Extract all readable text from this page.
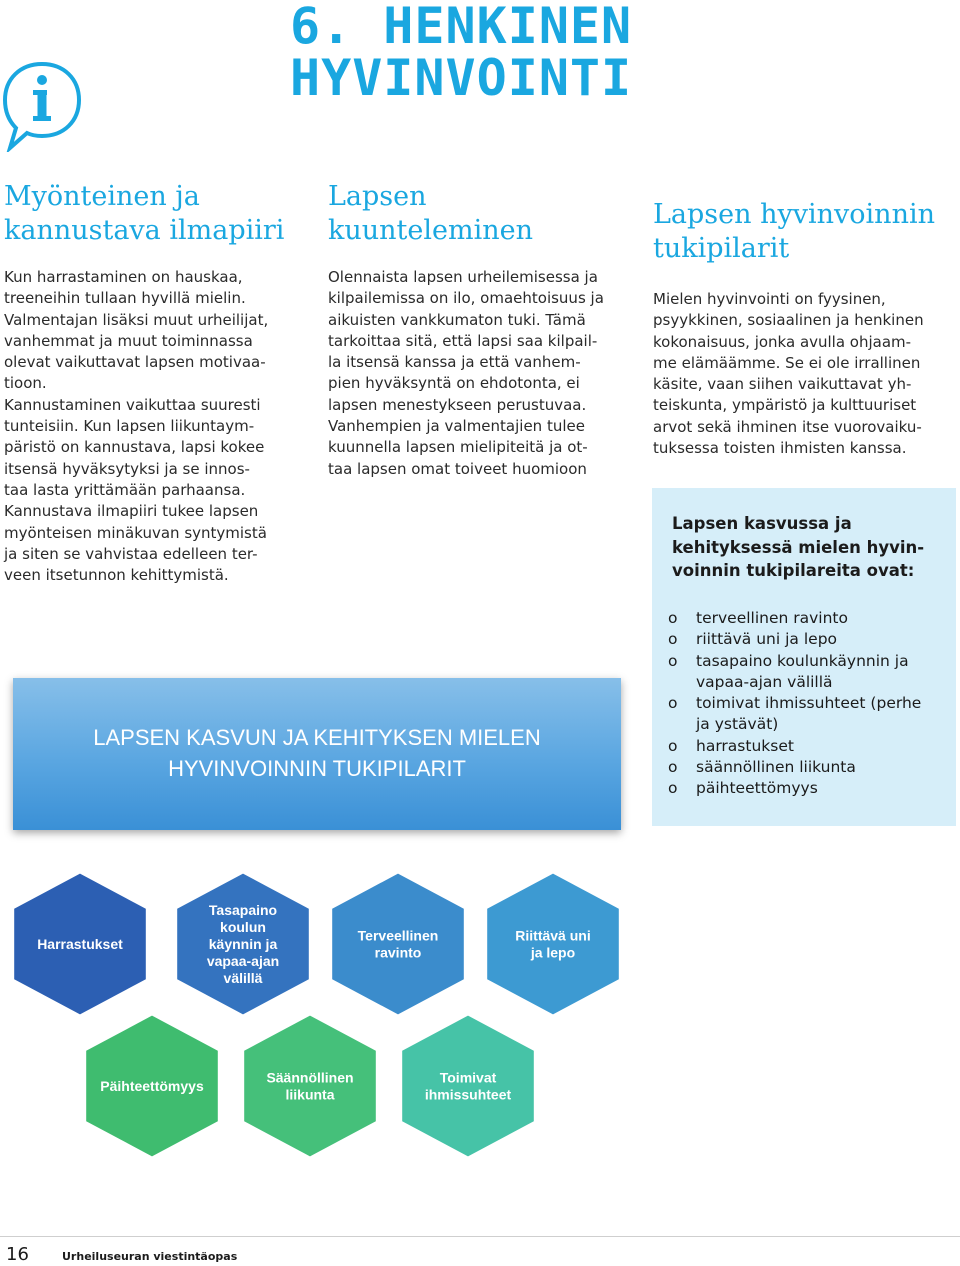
6. HENKINEN HYVINVOINTI
Myönteinen ja
kannustava ilmapiiri

Kun harrastaminen on hauskaa,
treeneihin tullaan hyvillä mielin.
Valmentajan lisäksi muut urheilijat,
vanhemmat ja muut toiminnassa
olevat vaikuttavat lapsen motivaa-
tioon.
Kannustaminen vaikuttaa suuresti
tunteisiin. Kun lapsen liikuntaym-
päristö on kannustava, lapsi kokee
itsensä hyväksytyksi ja se innos-
taa lasta yrittämään parhaansa.
Kannustava ilmapiiri tukee lapsen
myönteisen minäkuvan syntymistä
ja siten se vahvistaa edelleen ter-
veen itsetunnon kehittymistä.

Lapsen
kuunteleminen

Olennaista lapsen urheilemisessa ja
kilpailemissa on ilo, omaehtoisuus ja
aikuisten vankkumaton tuki. Tämä
tarkoittaa sitä, että lapsi saa kilpail-
la itsensä kanssa ja että vanhem-
pien hyväksyntä on ehdotonta, ei
lapsen menestykseen perustuvaa.
Vanhempien ja valmentajien tulee
kuunnella lapsen mielipiteitä ja ot-
taa lapsen omat toiveet huomioon

Lapsen hyvinvoinnin
tukipilarit

Mielen hyvinvointi on fyysinen,
psyykkinen, sosiaalinen ja henkinen
kokonaisuus, jonka avulla ohjaam-
me elämäämme. Se ei ole irrallinen
käsite, vaan siihen vaikuttavat yh-
teiskunta, ympäristö ja kulttuuriset
arvot sekä ihminen itse vuorovaiku-
tuksessa toisten ihmisten kanssa.

LAPSEN KASVUN JA KEHITYKSEN MIELEN
HYVINVOINNIN TUKIPILARIT

Lapsen kasvussa ja
kehityksessä mielen hyvin-
voinnin tukipilareita ovat:

o	terveellinen ravinto
o	riittävä uni ja lepo
o	tasapaino koulunkäynnin ja
vapaa-ajan välillä
o	toimivat ihmissuhteet (perhe
ja ystävät)
o	harrastukset
o	säännöllinen liikunta
o	päihteettömyys
Harrastukset
Tasapaino koulun käynnin ja vapaa-ajan välillä
Terveellinen ravinto
Riittävä uni ja lepo
Päihteettömyys
Säännöllinen liikunta
Toimivat ihmissuhteet

16	Urheiluseuran viestintäopas
